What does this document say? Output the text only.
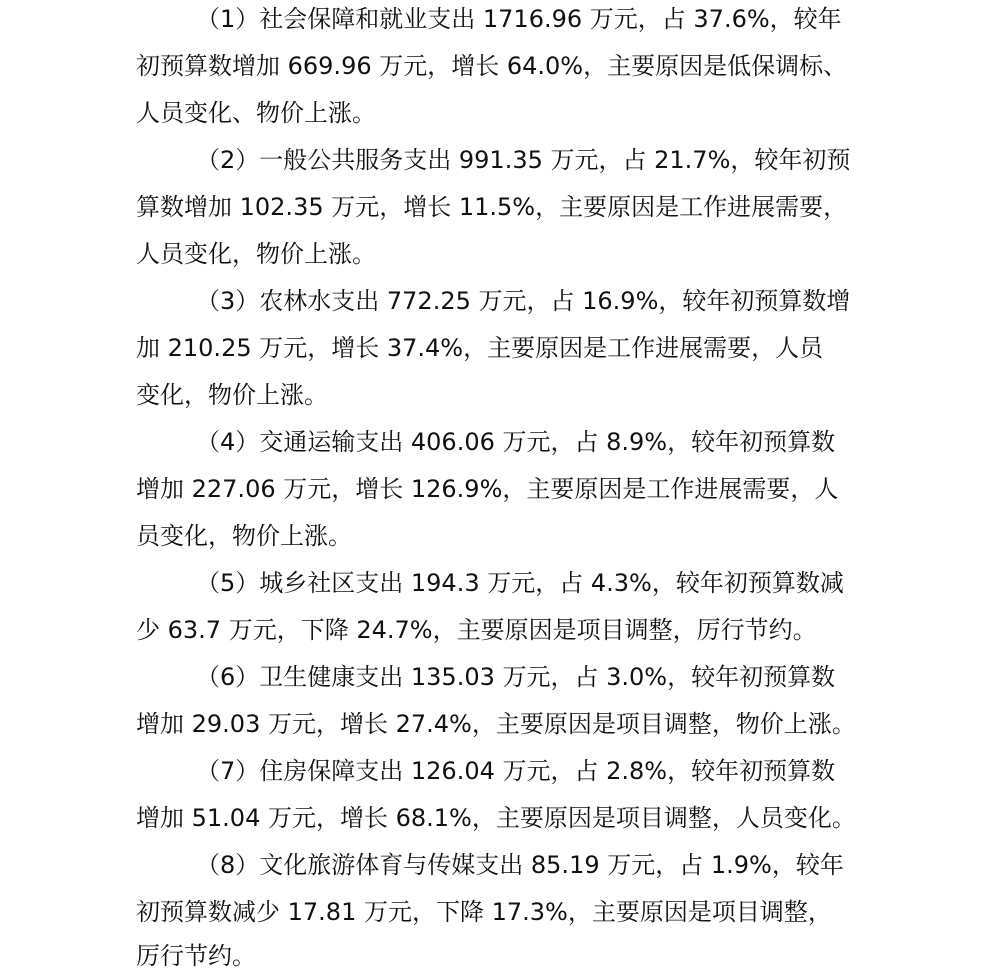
（1）社会保障和就业支出 1716.96 万元，占 37.6%，较年
初预算数增加 669.96 万元，增长 64.0%，主要原因是低保调标、
人员变化、物价上涨。
（2）一般公共服务支出 991.35 万元，占 21.7%，较年初预
算数增加 102.35 万元，增长 11.5%，主要原因是工作进展需要，
人员变化，物价上涨。
（3）农林水支出 772.25 万元，占 16.9%，较年初预算数增
加 210.25 万元，增长 37.4%，主要原因是工作进展需要，人员
变化，物价上涨。
（4）交通运输支出 406.06 万元，占 8.9%，较年初预算数
增加 227.06 万元，增长 126.9%，主要原因是工作进展需要，人
员变化，物价上涨。
（5）城乡社区支出 194.3 万元，占 4.3%，较年初预算数减
少 63.7 万元，下降 24.7%，主要原因是项目调整，厉行节约。
（6）卫生健康支出 135.03 万元，占 3.0%，较年初预算数
增加 29.03 万元，增长 27.4%，主要原因是项目调整，物价上涨。
（7）住房保障支出 126.04 万元，占 2.8%，较年初预算数
增加 51.04 万元，增长 68.1%，主要原因是项目调整，人员变化。
（8）文化旅游体育与传媒支出 85.19 万元，占 1.9%，较年
初预算数减少 17.81 万元，下降 17.3%，主要原因是项目调整，
厉行节约。
